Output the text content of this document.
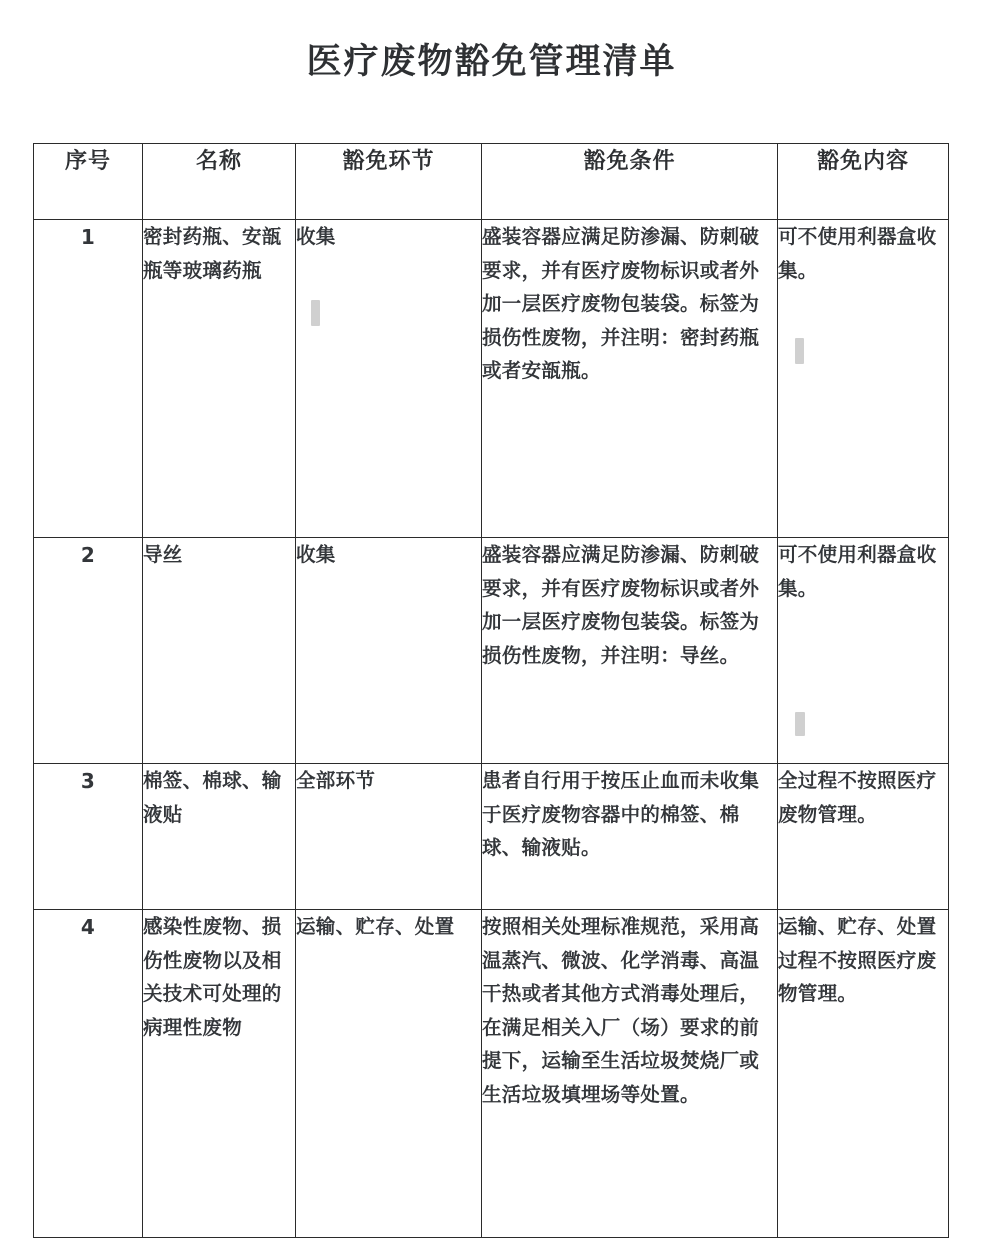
医疗废物豁免管理清单
序号	名称	豁免环节	豁免条件	豁免内容
1	密封药瓶、安瓿瓶等玻璃药瓶	收集	盛装容器应满足防渗漏、防刺破要求，并有医疗废物标识或者外加一层医疗废物包装袋。标签为损伤性废物，并注明：密封药瓶或者安瓿瓶。	可不使用利器盒收集。

2	导丝	收集	盛装容器应满足防渗漏、防刺破要求，并有医疗废物标识或者外加一层医疗废物包装袋。标签为损伤性废物，并注明：导丝。	可不使用利器盒收集。

3	棉签、棉球、输液贴	全部环节	患者自行用于按压止血而未收集于医疗废物容器中的棉签、棉球、输液贴。	全过程不按照医疗废物管理。

4	感染性废物、损伤性废物以及相关技术可处理的病理性废物	运输、贮存、处置	按照相关处理标准规范，采用高温蒸汽、微波、化学消毒、高温干热或者其他方式消毒处理后，在满足相关入厂（场）要求的前提下，运输至生活垃圾焚烧厂或生活垃圾填埋场等处置。	运输、贮存、处置过程不按照医疗废物管理。
